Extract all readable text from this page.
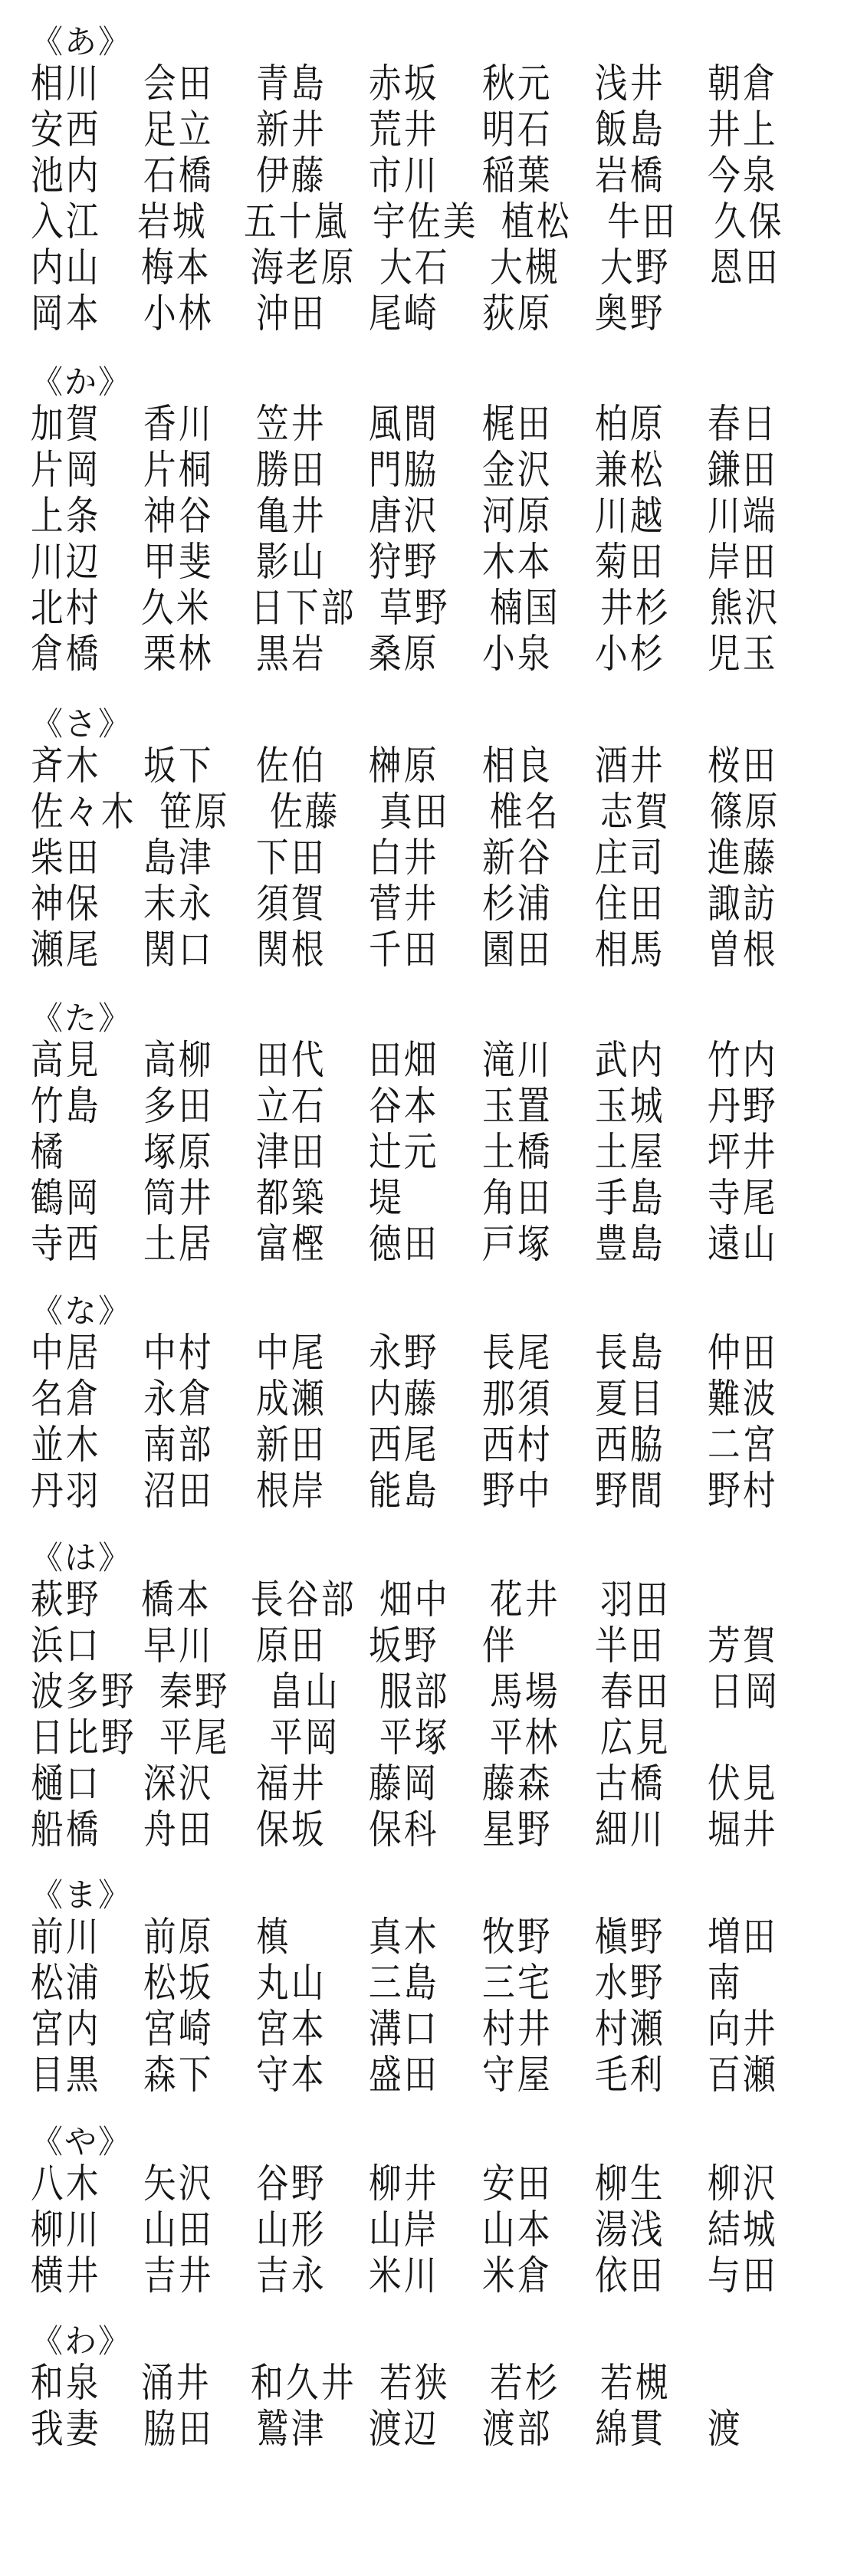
《あ》
相川	会田	青島	赤坂	秋元	浅井	朝倉
安西	足立	新井	荒井	明石	飯島	井上
池内	石橋	伊藤	市川	稲葉	岩橋	今泉
入江 岩城 五十嵐 宇佐美 植松 牛田 久保
内山 梅本 海老原 大石 大槻 大野 恩田
岡本	小林	沖田	尾崎	荻原	奥野
《か》
加賀	香川	笠井	風間	梶田	柏原	春日
片岡	片桐	勝田	門脇	金沢	兼松	鎌田
上条	神谷	亀井	唐沢	河原	川越	川端
川辺	甲斐	影山	狩野	木本	菊田	岸田
北村 久米 日下部 草野 楠国 井杉 熊沢
倉橋	栗林	黒岩	桑原	小泉	小杉	児玉
《さ》
斉木	坂下	佐伯	榊原	相良	酒井	桜田
佐々木 笹原 佐藤 真田 椎名 志賀 篠原
柴田	島津	下田	白井	新谷	庄司	進藤
神保	末永	須賀	菅井	杉浦	住田	諏訪
瀬尾	関口	関根	千田	園田	相馬	曽根
《た》
高見	高柳	田代	田畑	滝川	武内	竹内
竹島	多田	立石	谷本	玉置	玉城	丹野
橘	塚原	津田	辻元	土橋	土屋	坪井
鶴岡	筒井	都築	堤	角田	手島	寺尾
寺西	土居	富樫	徳田	戸塚	豊島	遠山
《な》
中居	中村	中尾	永野	長尾	長島	仲田
名倉	永倉	成瀬	内藤	那須	夏目	難波
並木	南部	新田	西尾	西村	西脇	二宮
丹羽	沼田	根岸	能島	野中	野間	野村
《は》
萩野 橋本 長谷部 畑中 花井 羽田
浜口	早川	原田	坂野	伴	半田	芳賀
波多野 秦野 畠山 服部 馬場 春田 日岡
日比野 平尾 平岡 平塚 平林 広見
樋口	深沢	福井	藤岡	藤森	古橋	伏見
船橋	舟田	保坂	保科	星野	細川	堀井
《ま》
前川	前原	槙	真木	牧野	槇野	増田
松浦	松坂	丸山	三島	三宅	水野	南
宮内	宮崎	宮本	溝口	村井	村瀬	向井
目黒	森下	守本	盛田	守屋	毛利	百瀬
《や》
八木	矢沢	谷野	柳井	安田	柳生	柳沢
柳川	山田	山形	山岸	山本	湯浅	結城
横井	吉井	吉永	米川	米倉	依田	与田
《わ》
和泉 涌井 和久井 若狭 若杉 若槻
我妻	脇田	鷲津	渡辺	渡部	綿貫	渡
